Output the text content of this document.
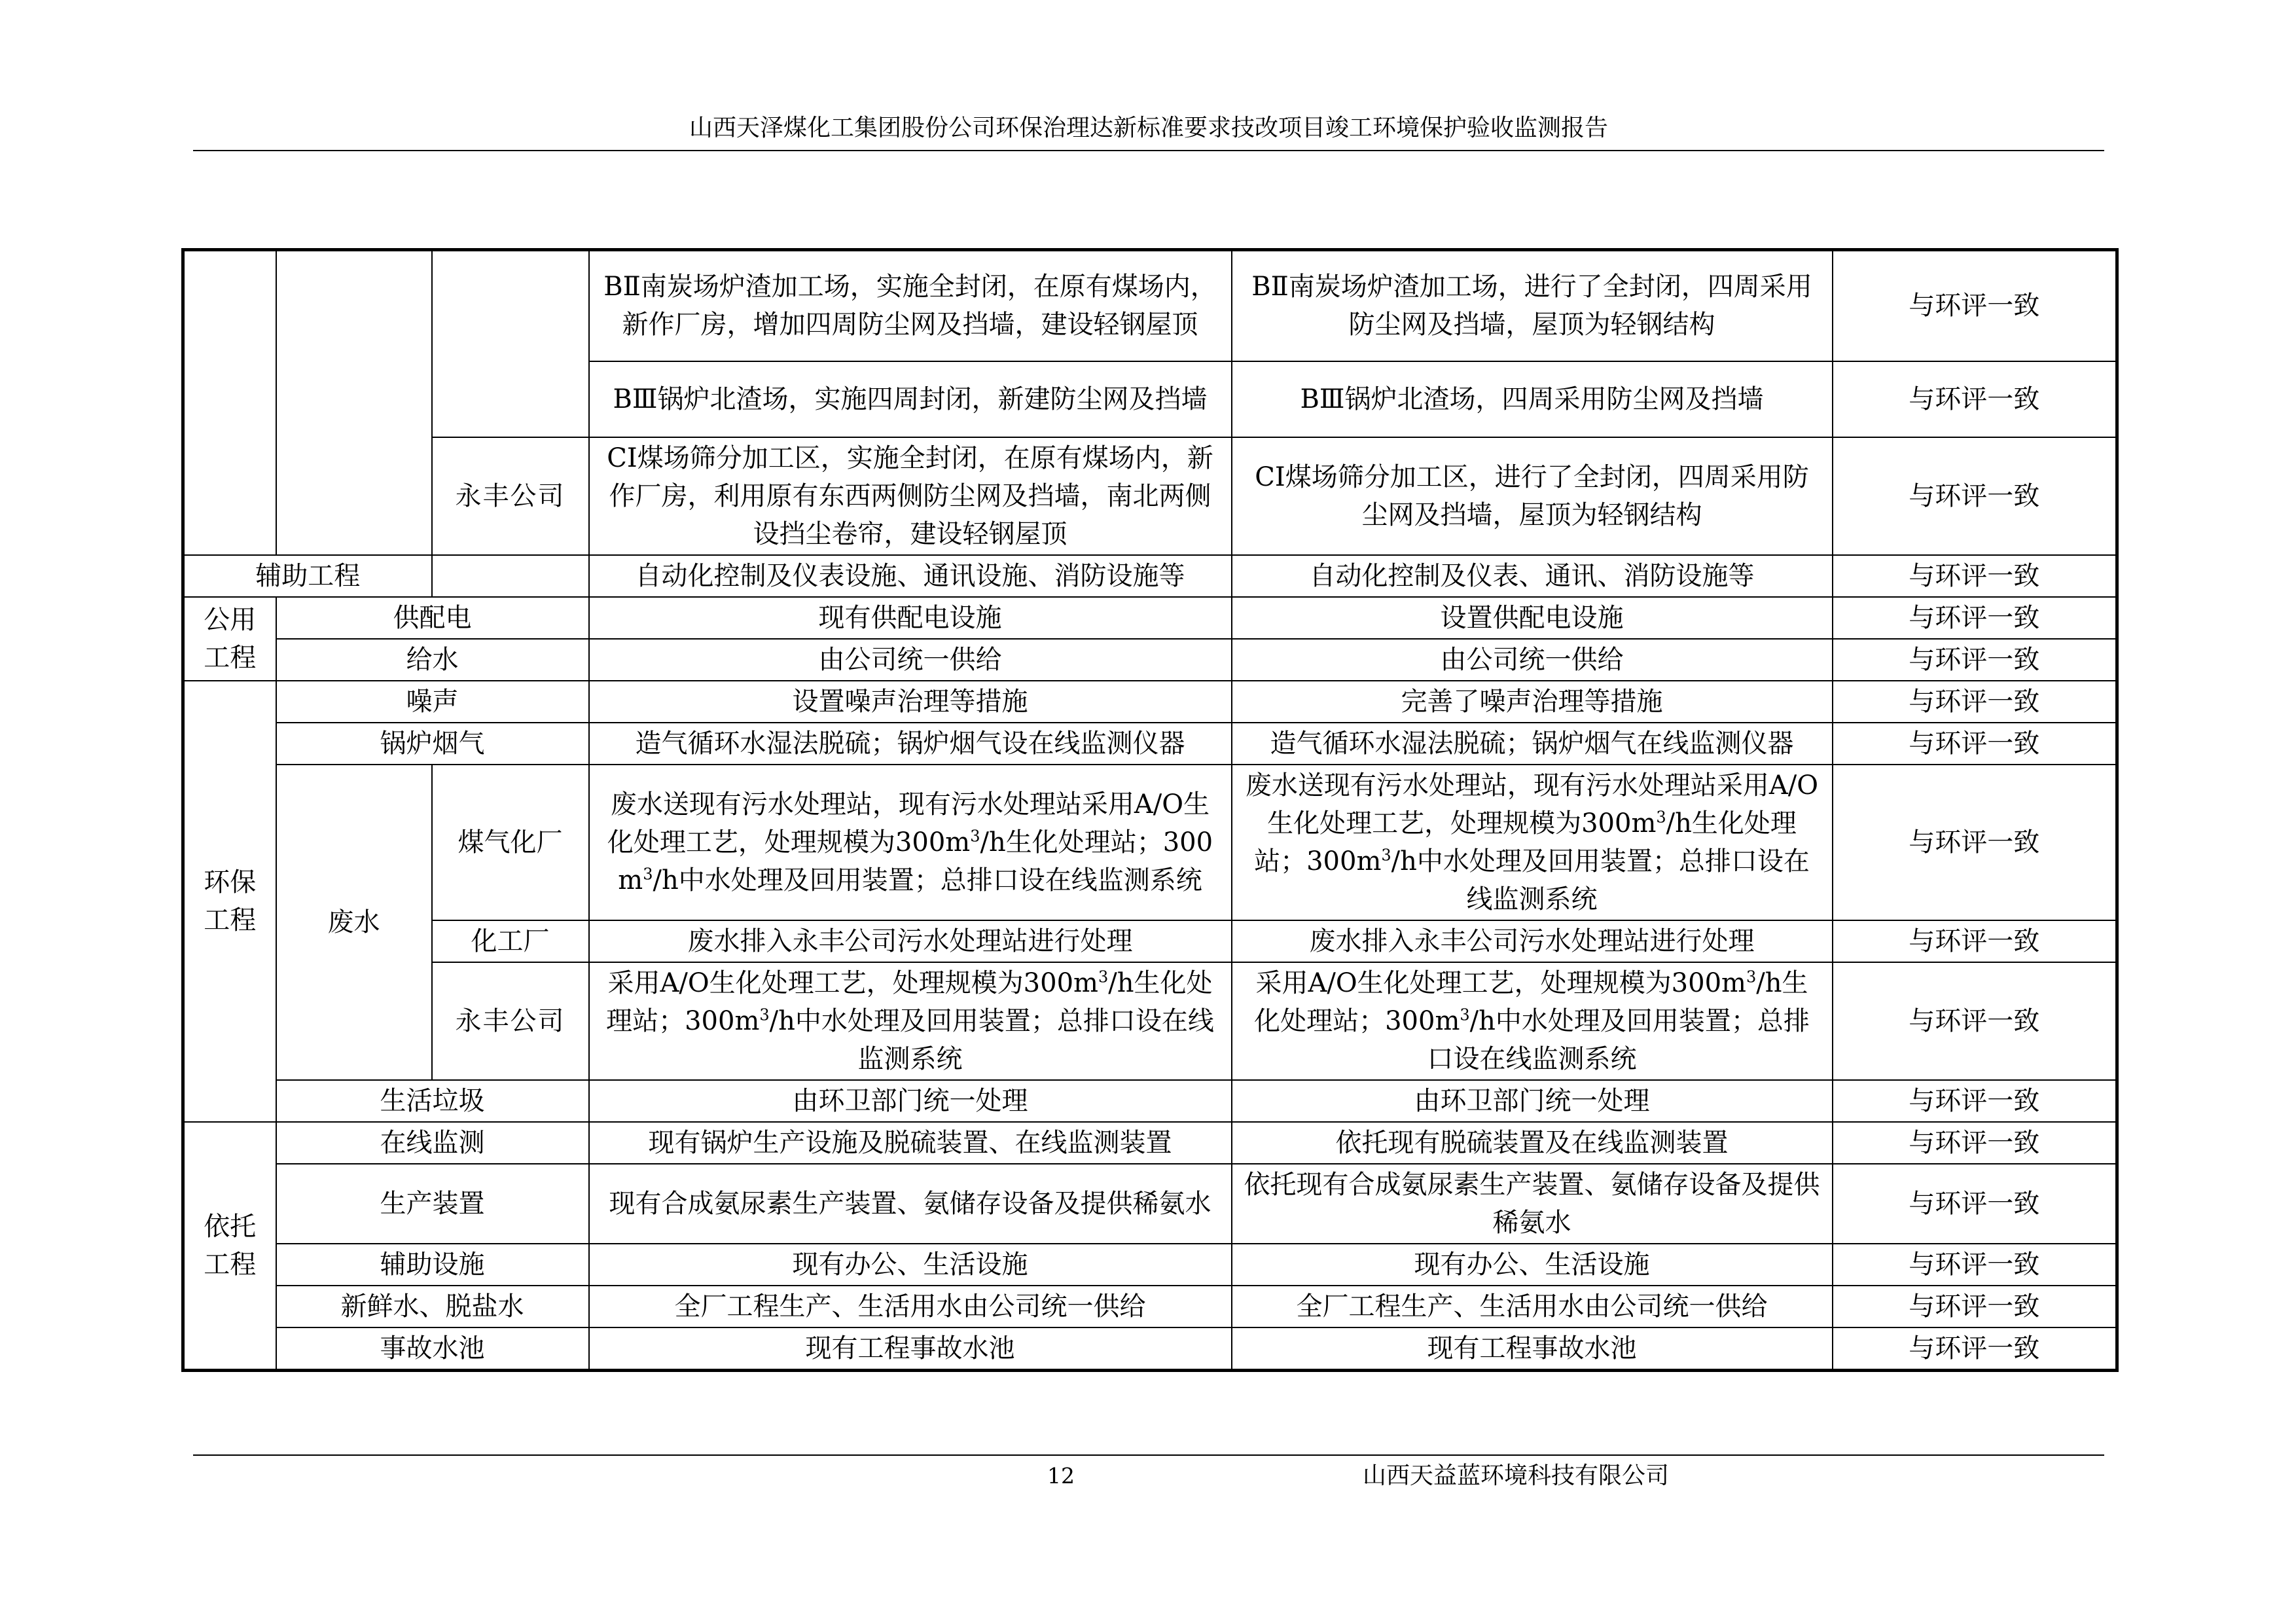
山西天泽煤化工集团股份公司环保治理达新标准要求技改项目竣工环境保护验收监测报告
			BⅡ南炭场炉渣加工场，实施全封闭，在原有煤场内，新作厂房，增加四周防尘网及挡墙，建设轻钢屋顶	BⅡ南炭场炉渣加工场，进行了全封闭，四周采用防尘网及挡墙，屋顶为轻钢结构	与环评一致
			BⅢ锅炉北渣场，实施四周封闭，新建防尘网及挡墙	BⅢ锅炉北渣场，四周采用防尘网及挡墙	与环评一致
		永丰公司	CⅠ煤场筛分加工区，实施全封闭，在原有煤场内，新作厂房，利用原有东西两侧防尘网及挡墙，南北两侧设挡尘卷帘，建设轻钢屋顶	CⅠ煤场筛分加工区，进行了全封闭，四周采用防尘网及挡墙，屋顶为轻钢结构	与环评一致
辅助工程			自动化控制及仪表设施、通讯设施、消防设施等	自动化控制及仪表、通讯、消防设施等	与环评一致
公用工程	供配电		现有供配电设施	设置供配电设施	与环评一致
	给水		由公司统一供给	由公司统一供给	与环评一致
环保工程	噪声		设置噪声治理等措施	完善了噪声治理等措施	与环评一致
	锅炉烟气		造气循环水湿法脱硫；锅炉烟气设在线监测仪器	造气循环水湿法脱硫；锅炉烟气在线监测仪器	与环评一致
	废水	煤气化厂	废水送现有污水处理站，现有污水处理站采用A/O生化处理工艺，处理规模为$300m^3/h$生化处理站；$300m^3/h$中水处理及回用装置；总排口设在线监测系统	废水送现有污水处理站，现有污水处理站采用A/O生化处理工艺，处理规模为$300m^3/h$生化处理站；$300m^3/h$中水处理及回用装置；总排口设在线监测系统	与环评一致
		化工厂	废水排入永丰公司污水处理站进行处理	废水排入永丰公司污水处理站进行处理	与环评一致
		永丰公司	采用A/O生化处理工艺，处理规模为$300m^3/h$生化处理站；$300m^3/h$中水处理及回用装置；总排口设在线监测系统	采用A/O生化处理工艺，处理规模为$300m^3/h$生化处理站；$300m^3/h$中水处理及回用装置；总排口设在线监测系统	与环评一致
	生活垃圾		由环卫部门统一处理	由环卫部门统一处理	与环评一致
依托工程	在线监测		现有锅炉生产设施及脱硫装置、在线监测装置	依托现有脱硫装置及在线监测装置	与环评一致
	生产装置		现有合成氨尿素生产装置、氨储存设备及提供稀氨水	依托现有合成氨尿素生产装置、氨储存设备及提供稀氨水	与环评一致
	辅助设施		现有办公、生活设施	现有办公、生活设施	与环评一致
	新鲜水、脱盐水		全厂工程生产、生活用水由公司统一供给	全厂工程生产、生活用水由公司统一供给	与环评一致
	事故水池		现有工程事故水池	现有工程事故水池	与环评一致
12	山西天益蓝环境科技有限公司
